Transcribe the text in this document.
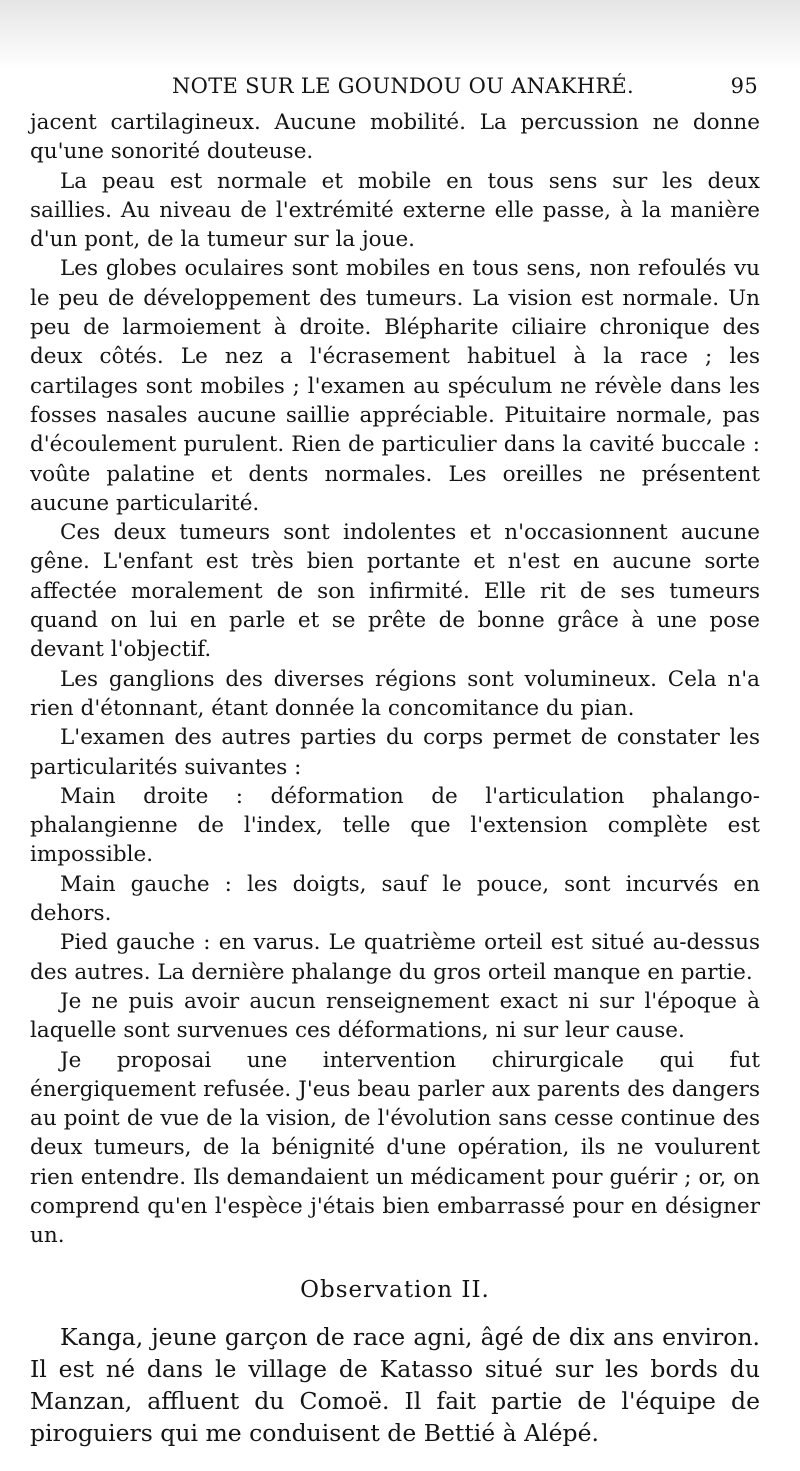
NOTE SUR LE GOUNDOU OU ANAKHRÉ.	95

jacent cartilagineux. Aucune mobilité. La percussion ne donne qu'une sonorité douteuse.

La peau est normale et mobile en tous sens sur les deux saillies. Au niveau de l'extrémité externe elle passe, à la manière d'un pont, de la tumeur sur la joue.

Les globes oculaires sont mobiles en tous sens, non refoulés vu le peu de développement des tumeurs. La vision est normale. Un peu de larmoiement à droite. Blépharite ciliaire chronique des deux côtés. Le nez a l'écrasement habituel à la race ; les cartilages sont mobiles ; l'examen au spéculum ne révèle dans les fosses nasales aucune saillie appréciable. Pituitaire normale, pas d'écoulement purulent. Rien de particulier dans la cavité buccale : voûte palatine et dents normales. Les oreilles ne présentent aucune particularité.

Ces deux tumeurs sont indolentes et n'occasionnent aucune gêne. L'enfant est très bien portante et n'est en aucune sorte affectée moralement de son infirmité. Elle rit de ses tumeurs quand on lui en parle et se prête de bonne grâce à une pose devant l'objectif.

Les ganglions des diverses régions sont volumineux. Cela n'a rien d'étonnant, étant donnée la concomitance du pian.

L'examen des autres parties du corps permet de constater les particularités suivantes :

Main droite : déformation de l'articulation phalango-phalangienne de l'index, telle que l'extension complète est impossible.

Main gauche : les doigts, sauf le pouce, sont incurvés en dehors.

Pied gauche : en varus. Le quatrième orteil est situé au-dessus des autres. La dernière phalange du gros orteil manque en partie.

Je ne puis avoir aucun renseignement exact ni sur l'époque à laquelle sont survenues ces déformations, ni sur leur cause.

Je proposai une intervention chirurgicale qui fut énergiquement refusée. J'eus beau parler aux parents des dangers au point de vue de la vision, de l'évolution sans cesse continue des deux tumeurs, de la bénignité d'une opération, ils ne voulurent rien entendre. Ils demandaient un médicament pour guérir ; or, on comprend qu'en l'espèce j'étais bien embarrassé pour en désigner un.

Observation II.

Kanga, jeune garçon de race agni, âgé de dix ans environ. Il est né dans le village de Katasso situé sur les bords du Manzan, affluent du Comoë. Il fait partie de l'équipe de piroguiers qui me conduisent de Bettié à Alépé.
